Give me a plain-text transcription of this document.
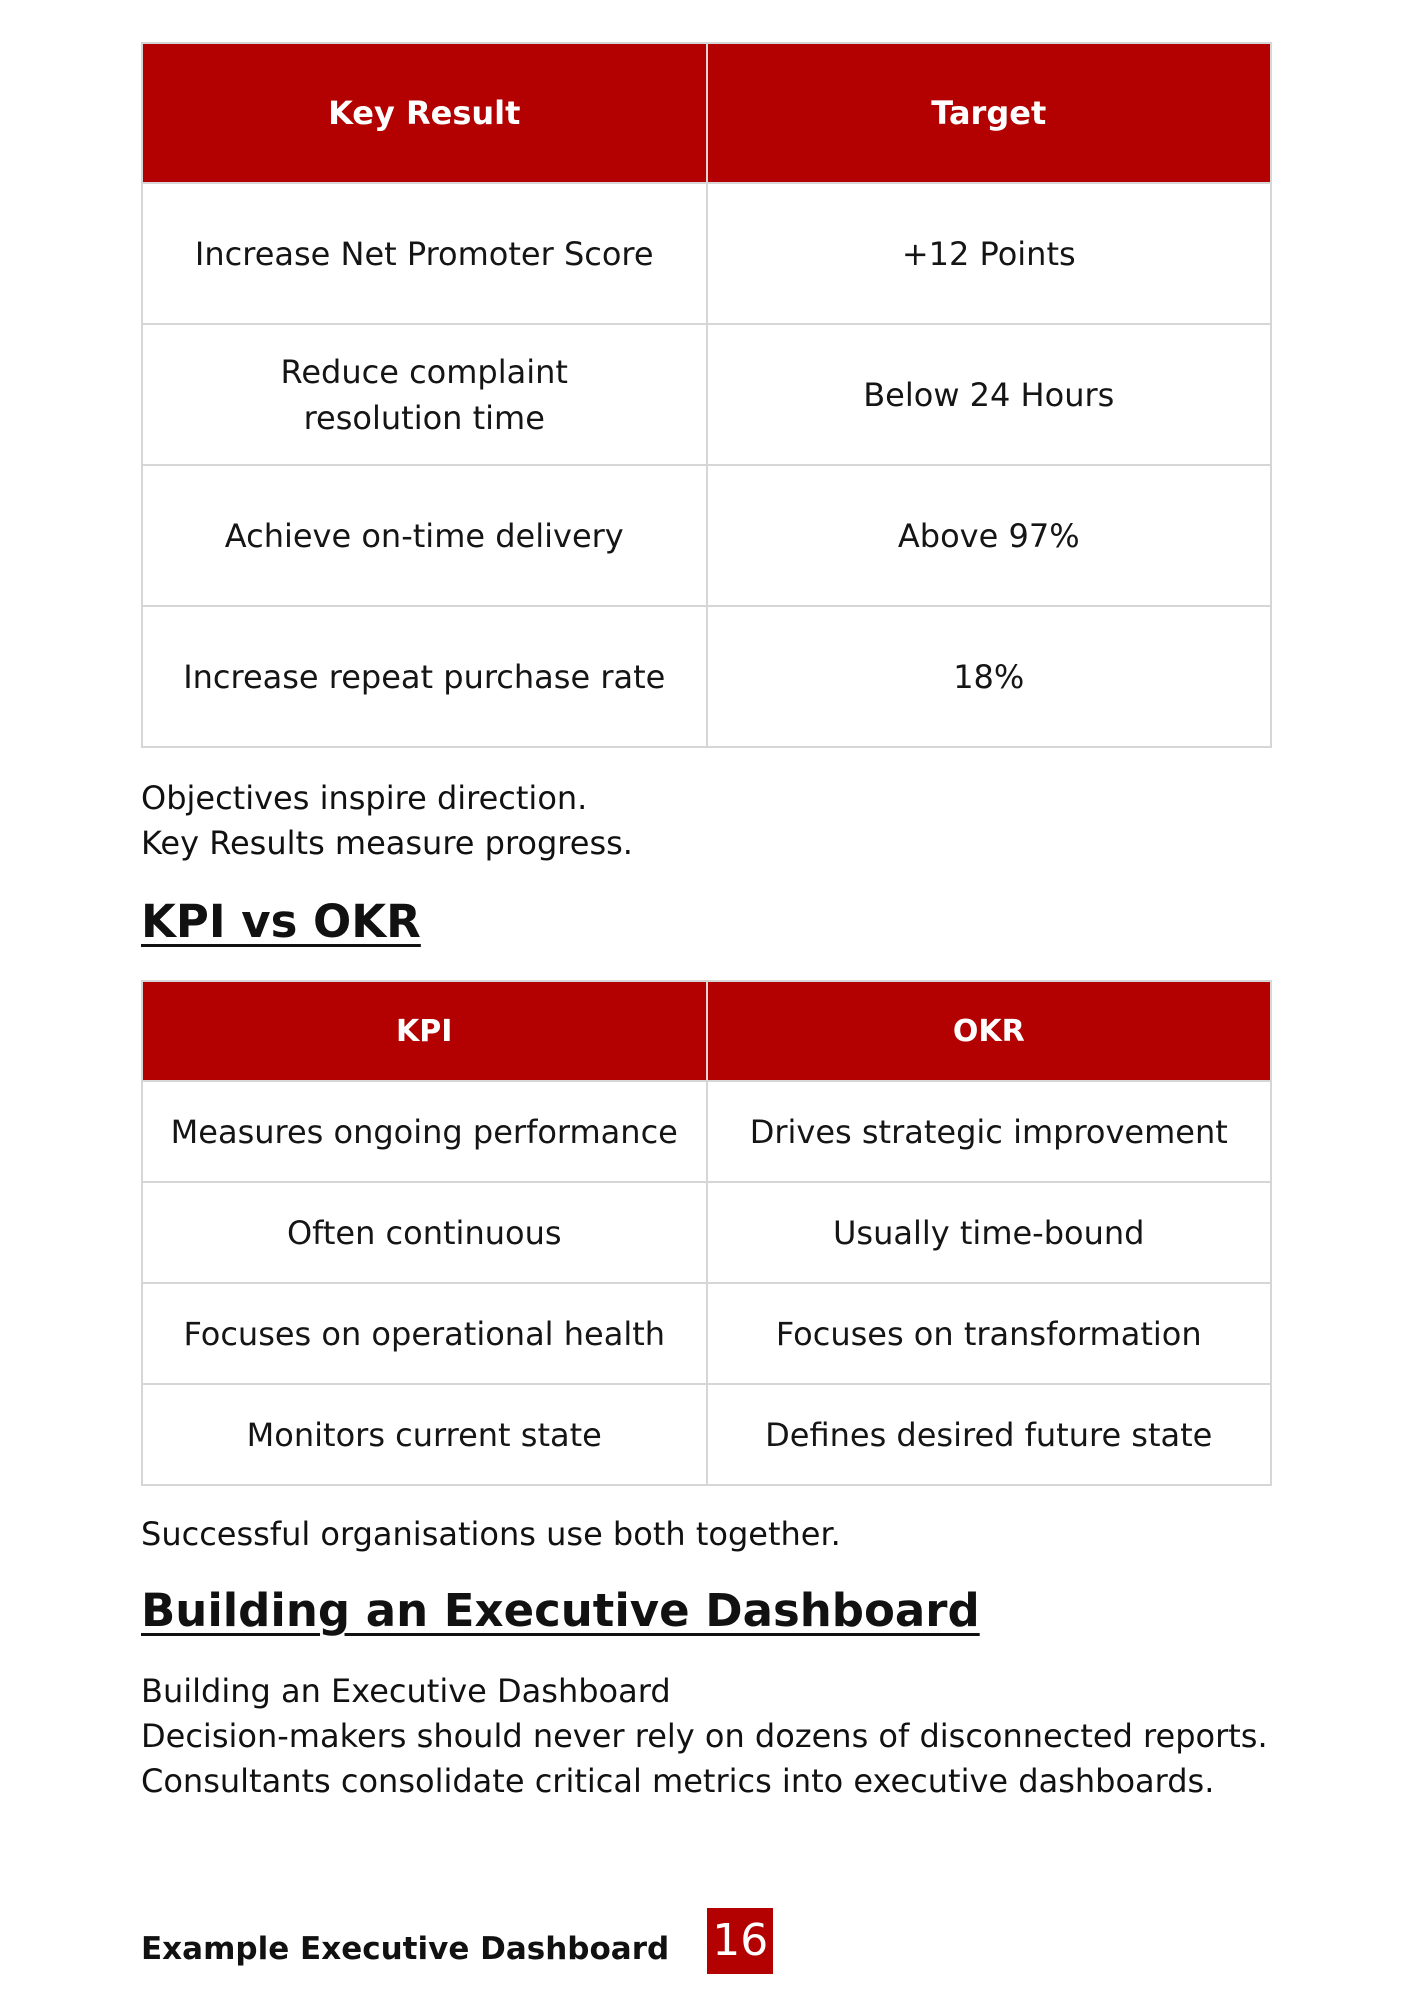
Key Result	Target
Increase Net Promoter Score	+12 Points
Reduce complaint resolution time	Below 24 Hours
Achieve on-time delivery	Above 97%
Increase repeat purchase rate	18%

Objectives inspire direction.

Key Results measure progress.

KPI vs OKR
KPI	OKR
Measures ongoing performance	Drives strategic improvement
Often continuous	Usually time-bound
Focuses on operational health	Focuses on transformation
Monitors current state	Defines desired future state

Successful organisations use both together.

Building an Executive Dashboard

Building an Executive Dashboard

Decision-makers should never rely on dozens of disconnected reports.

Consultants consolidate critical metrics into executive dashboards.

Example Executive Dashboard 16
